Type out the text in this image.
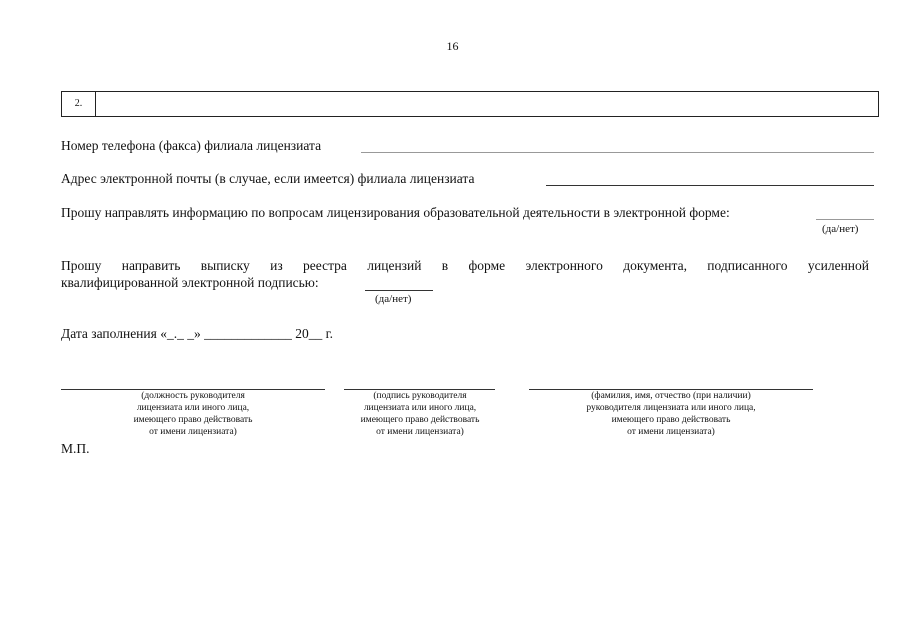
16
2.
Номер телефона (факса) филиала лицензиата
Адрес электронной почты (в случае, если имеется) филиала лицензиата
Прошу направлять информацию по вопросам лицензирования образовательной деятельности в электронной форме:
(да/нет)
Прошу направить выписку из реестра лицензий в форме электронного документа, подписанного усиленной
квалифицированной электронной подписью:
(да/нет)
Дата заполнения «_._ _» _____________ 20__ г.
(должность руководителя
лицензиата или иного лица,
имеющего право действовать
от имени лицензиата)
(подпись руководителя
лицензиата или иного лица,
имеющего право действовать
от имени лицензиата)
(фамилия, имя, отчество (при наличии)
руководителя лицензиата или иного лица,
имеющего право действовать
от имени лицензиата)
М.П.
